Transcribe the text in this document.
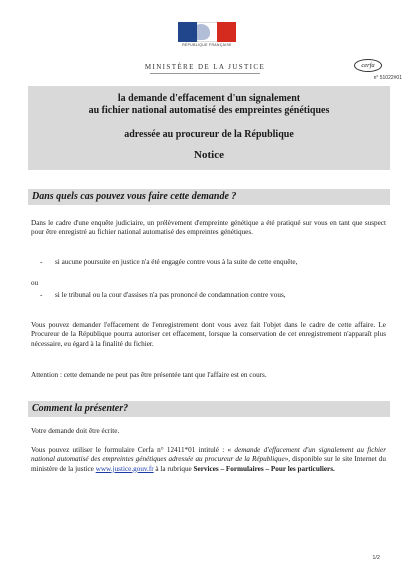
RÉPUBLIQUE FRANÇAISE
MINISTÈRE DE LA JUSTICE	cerfa
n° 51022#01
la demande d'effacement d'un signalement
au fichier national automatisé des empreintes génétiques
adressée au procureur de la République
Notice
Dans quels cas pouvez vous faire cette demande ?
Dans le cadre d'une enquête judiciaire, un prélèvement d'empreinte génétique a été pratiqué sur vous en tant que suspect pour être enregistré au fichier national automatisé des empreintes génétiques.
- si aucune poursuite en justice n'a été engagée contre vous à la suite de cette enquête,
ou
- si le tribunal ou la cour d'assises n'a pas prononcé de condamnation contre vous,
Vous pouvez demander l'effacement de l'enregistrement dont vous avez fait l'objet dans le cadre de cette affaire. Le Procureur de la République pourra autoriser cet effacement, lorsque la conservation de cet enregistrement n'apparaît plus nécessaire, eu égard à la finalité du fichier.
Attention : cette demande ne peut pas être présentée tant que l'affaire est en cours.
Comment la présenter?
Votre demande doit être écrite.
Vous pouvez utiliser le formulaire Cerfa n° 12411*01 intitulé : « demande d'effacement d'un signalement au fichier national automatisé des empreintes génétiques adressée au procureur de la République», disponible sur le site Internet du ministère de la justice www.justice.gouv.fr à la rubrique Services – Formulaires – Pour les particuliers.
1/2
